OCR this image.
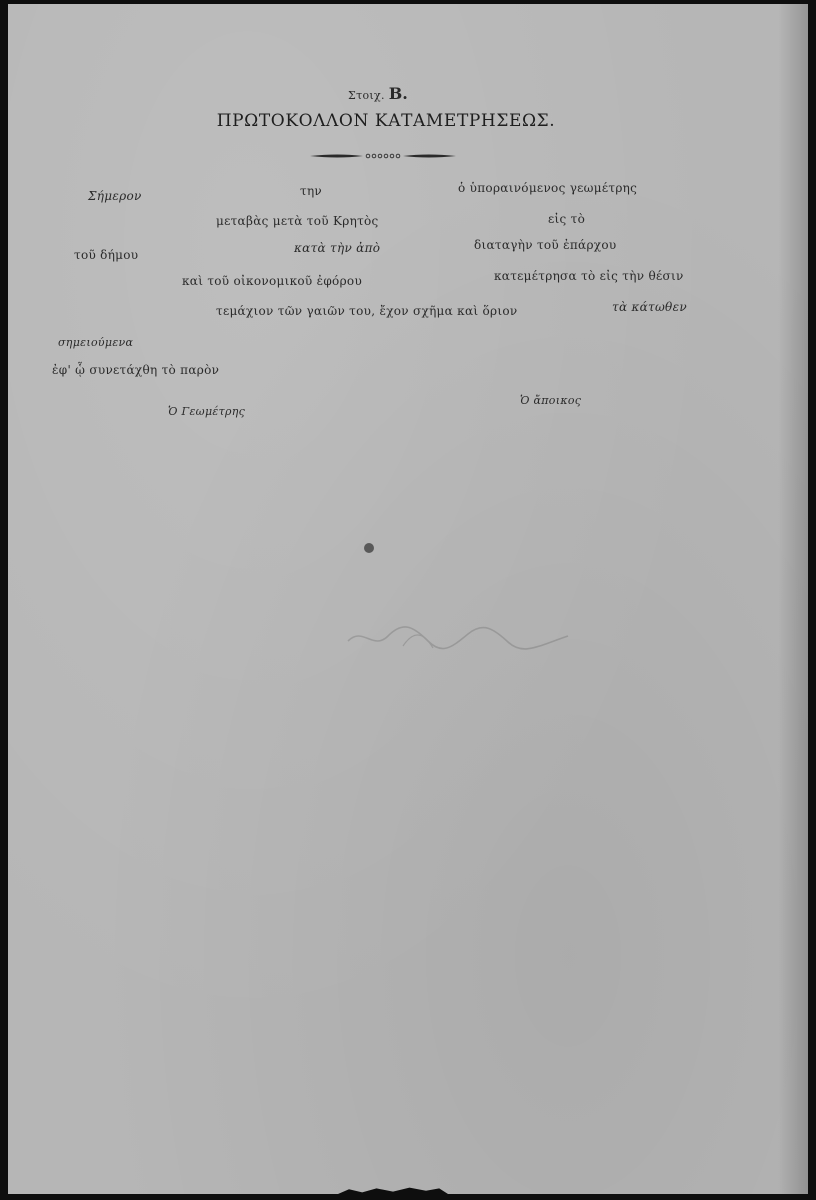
Στοιχ. Β.
ΠΡΩΤΟΚΟΛΛΟΝ ΚΑΤΑΜΕΤΡΗΣΕΩΣ.
Σήμερον	την	ὁ ὑποραινόμενος γεωμέτρης
μεταβὰς μετὰ τοῦ Κρητὸς	εἰς τὸ
τοῦ δήμου	κατὰ τὴν ἀπὸ	διαταγὴν τοῦ ἐπάρχου
καὶ τοῦ οἰκονομικοῦ ἐφόρου	κατεμέτρησα τὸ εἰς τὴν θέσιν
τεμάχιον τῶν γαιῶν του, ἔχον σχῆμα καὶ ὅριον	τὰ κάτωθεν
σημειούμενα
ἐφ' ᾧ συνετάχθη τὸ παρὸν
Ὁ Γεωμέτρης
Ὁ ἄποικος
